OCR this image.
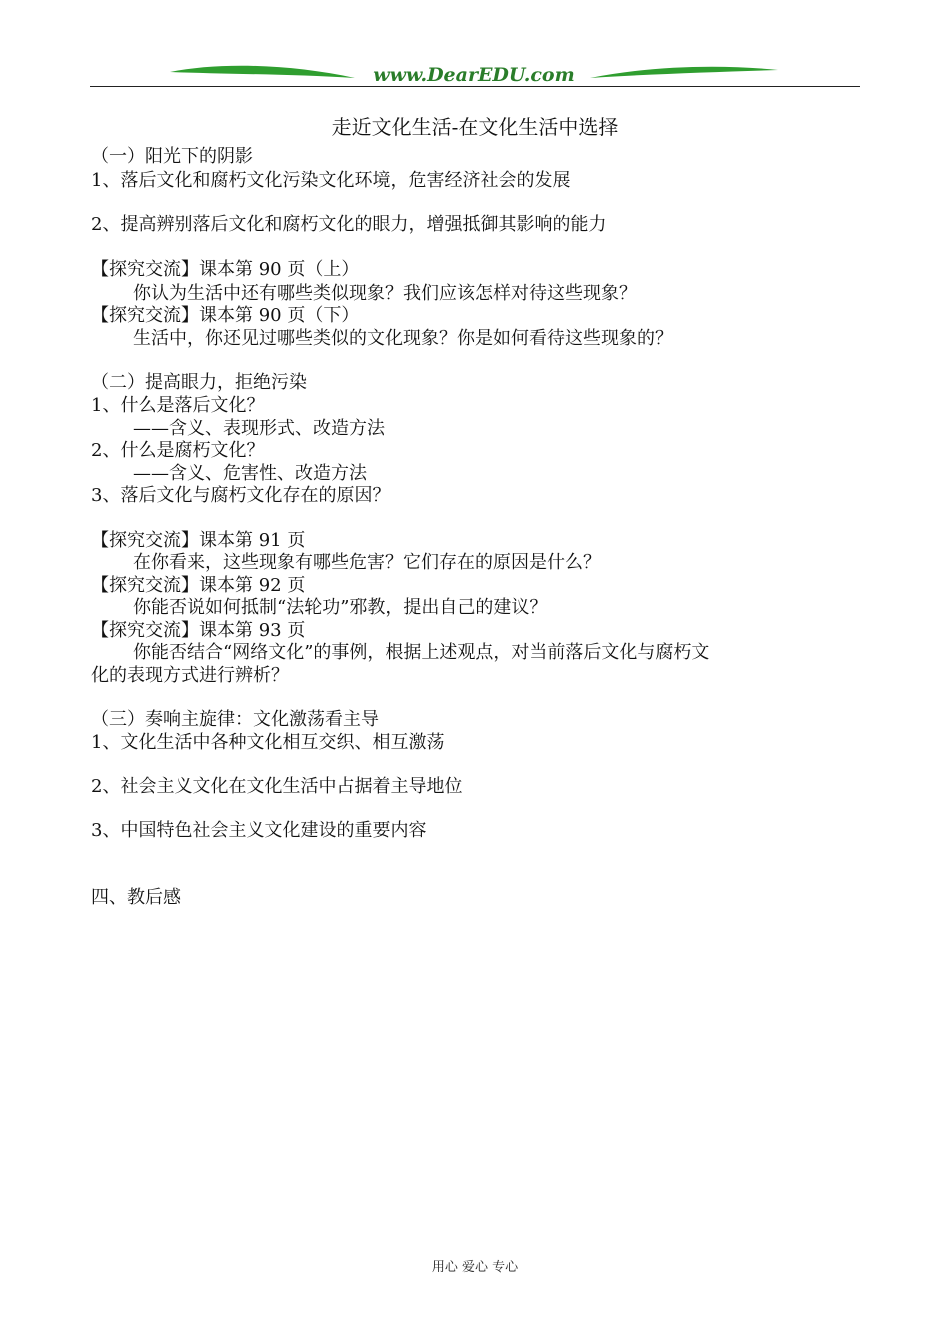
www.DearEDU.com
走近文化生活-在文化生活中选择
（一）阳光下的阴影
1、落后文化和腐朽文化污染文化环境，危害经济社会的发展
2、提高辨别落后文化和腐朽文化的眼力，增强抵御其影响的能力
【探究交流】课本第 90 页（上）
你认为生活中还有哪些类似现象？我们应该怎样对待这些现象？
【探究交流】课本第 90 页（下）
生活中，你还见过哪些类似的文化现象？你是如何看待这些现象的？
（二）提高眼力，拒绝污染
1、什么是落后文化？
——含义、表现形式、改造方法
2、什么是腐朽文化？
——含义、危害性、改造方法
3、落后文化与腐朽文化存在的原因？
【探究交流】课本第 91 页
在你看来，这些现象有哪些危害？它们存在的原因是什么？
【探究交流】课本第 92 页
你能否说如何抵制“法轮功”邪教，提出自己的建议？
【探究交流】课本第 93 页
你能否结合“网络文化”的事例，根据上述观点，对当前落后文化与腐朽文
化的表现方式进行辨析？
（三）奏响主旋律：文化激荡看主导
1、文化生活中各种文化相互交织、相互激荡
2、社会主义文化在文化生活中占据着主导地位
3、中国特色社会主义文化建设的重要内容
四、教后感
用心 爱心 专心
